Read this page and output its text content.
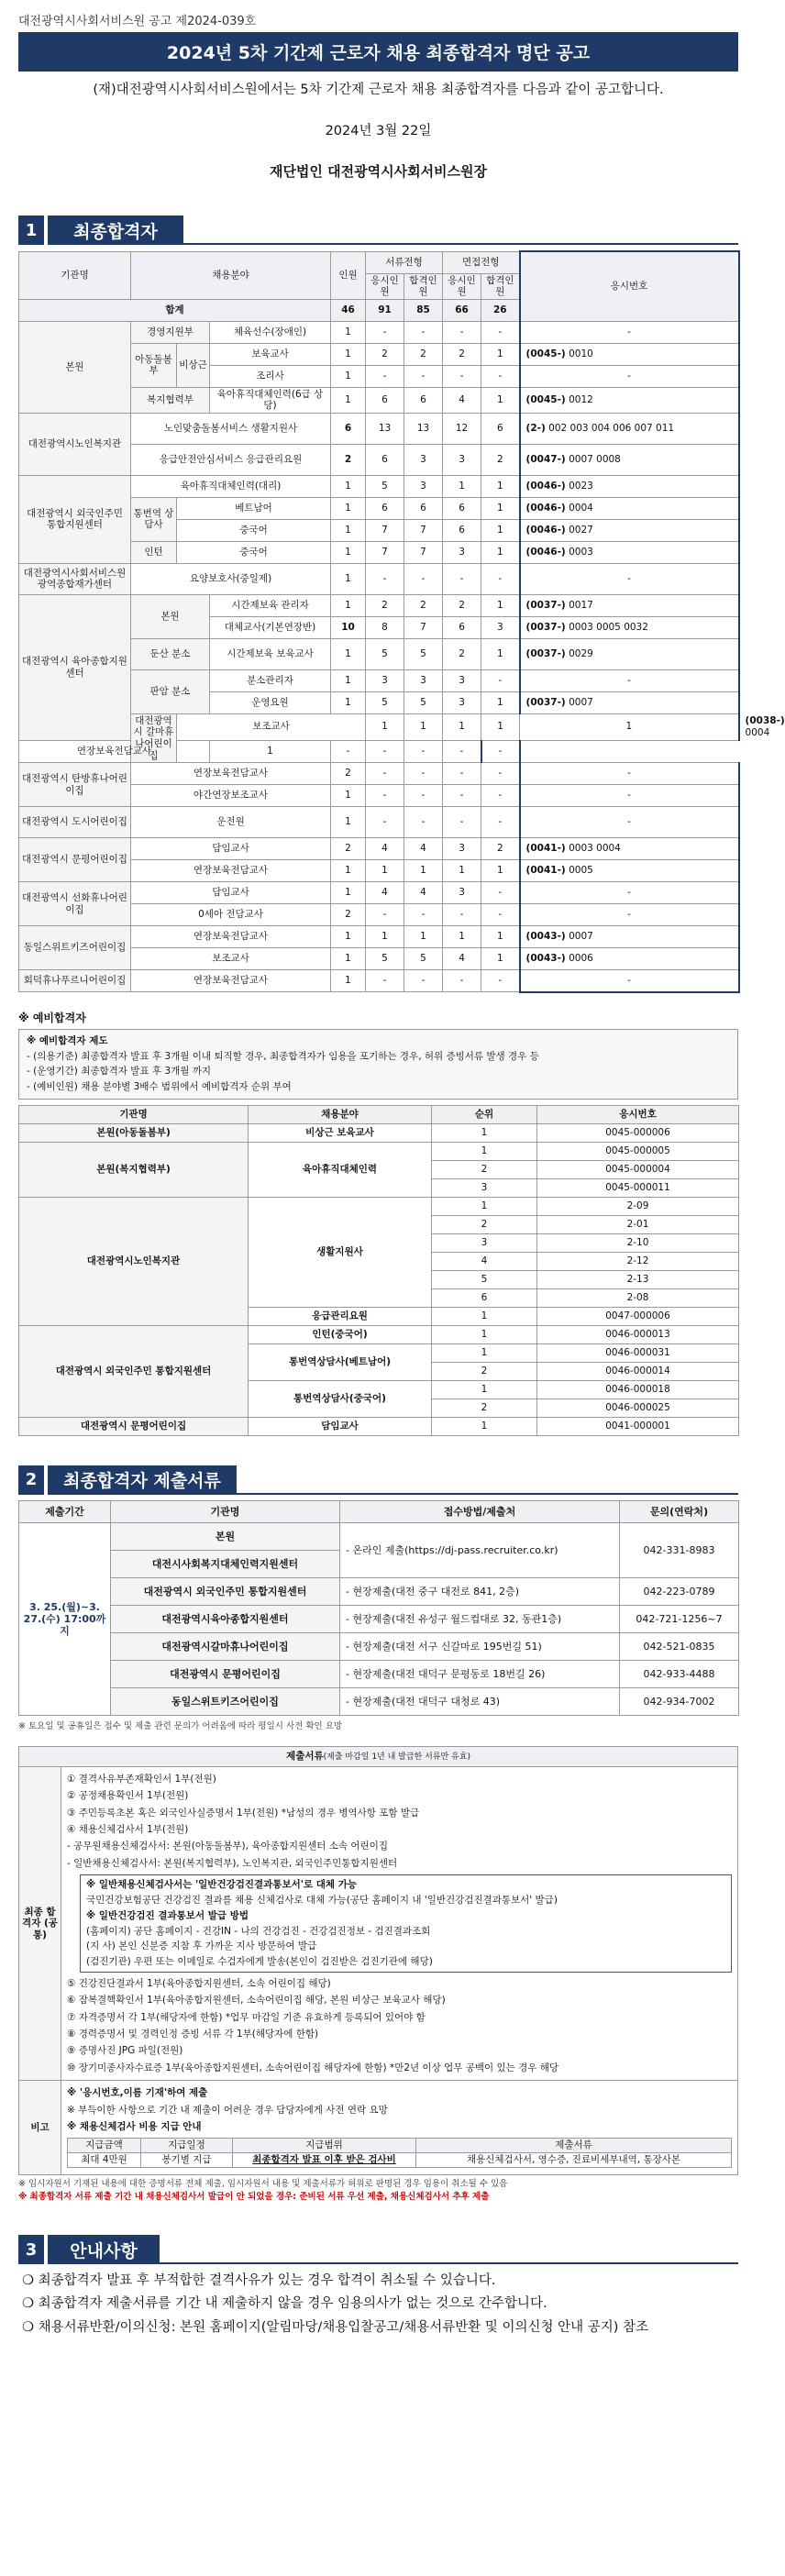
대전광역시사회서비스원 공고 제2024-039호
2024년 5차 기간제 근로자 채용 최종합격자 명단 공고
(재)대전광역시사회서비스원에서는 5차 기간제 근로자 채용 최종합격자를 다음과 같이 공고합니다.
2024년 3월 22일
재단법인 대전광역시사회서비스원장
1	최종합격자
기관명	채용분야	인원	서류전형	면접전형	응시번호
응시인원	합격인원	응시인원	합격인원
합계	46	91	85	66	26

본원
	경영지원부	체육선수(장애인)	1	-	-	-	-	-
아동돌봄부	비상근	보육교사	1	2	2	2	1	(0045-) 0010
조리사	1	-	-	-	-	-
복지협력부	육아휴직대체인력(6급 상당)	1	6	6	4	1	(0045-) 0012
대전광역시노인복지관	노인맞춤돌봄서비스 생활지원사	6	13	13	12	6	(2-) 002 003 004 006 007 011
응급안전안심서비스 응급관리요원	2	6	3	3	2	(0047-) 0007 0008
대전광역시 외국인주민 통합지원센터	육아휴직대체인력(대리)	1	5	3	1	1	(0046-) 0023
통번역 상담사	베트남어	1	6	6	6	1	(0046-) 0004
중국어	1	7	7	6	1	(0046-) 0027
인턴	중국어	1	7	7	3	1	(0046-) 0003
대전광역시사회서비스원 광역종합재가센터	요양보호사(중일제)	1	-	-	-	-	-
대전광역시 육아종합지원센터	본원	시간제보육 관리자	1	2	2	2	1	(0037-) 0017
대체교사(기본연장반)	10	8	7	6	3	(0037-) 0003 0005 0032
둔산 분소	시간제보육 보육교사	1	5	5	2	1	(0037-) 0029
판암 분소	분소관리자	1	3	3	3	-	-
운영요원	1	5	5	3	1	(0037-) 0007
대전광역시 갈마휴나어린이집	보조교사	1	1	1	1	1	(0038-) 0004
연장보육전담교사	1	-	-	-	-	-
대전광역시 탄방휴나어린이집	연장보육전담교사	2	-	-	-	-	-
야간연장보조교사	1	-	-	-	-	-
대전광역시 도시어린이집	운전원	1	-	-	-	-	-
대전광역시 문평어린이집	담임교사	2	4	4	3	2	(0041-) 0003 0004
연장보육전담교사	1	1	1	1	1	(0041-) 0005
대전광역시 선화휴나어린이집	담임교사	1	4	4	3	-	-
0세아 전담교사	2	-	-	-	-	-
동일스위트키즈어린이집	연장보육전담교사	1	1	1	1	1	(0043-) 0007
보조교사	1	5	5	4	1	(0043-) 0006
회덕휴나푸르니어린이집	연장보육전담교사	1	-	-	-	-	-
※ 예비합격자
※ 예비합격자 제도
- (의용기준) 최종합격자 발표 후 3개월 이내 퇴직할 경우, 최종합격자가 임용을 포기하는 경우, 허위 증빙서류 발생 경우 등
- (운영기간) 최종합격자 발표 후 3개월 까지
- (예비인원) 채용 분야별 3배수 범위에서 예비합격자 순위 부여
기관명	채용분야	순위	응시번호
본원(아동돌봄부)	비상근 보육교사	1	0045-000006
본원(복지협력부)	육아휴직대체인력	1	0045-000005
		2	0045-000004
		3	0045-000011
대전광역시노인복지관	생활지원사	1	2-09
		2	2-01
		3	2-10
		4	2-12
		5	2-13
		6	2-08
	응급관리요원	1	0047-000006
대전광역시 외국인주민 통합지원센터	인턴(중국어)	1	0046-000013
	통번역상담사(베트남어)	1	0046-000031
		2	0046-000014
	통번역상담사(중국어)	1	0046-000018
		2	0046-000025
대전광역시 문평어린이집	담임교사	1	0041-000001
2	최종합격자 제출서류
제출기간	기관명	접수방법/제출처	문의(연락처)
3. 25.(월)~3. 27.(수) 17:00까지	본원	- 온라인 제출(https://dj-pass.recruiter.co.kr)	042-331-8983
	대전시사회복지대체인력지원센터		
	대전광역시 외국인주민 통합지원센터	- 현장제출(대전 중구 대전로 841, 2층)	042-223-0789
	대전광역시육아종합지원센터	- 현장제출(대전 유성구 월드컵대로 32, 동관1층)	042-721-1256~7
	대전광역시갈마휴나어린이집	- 현장제출(대전 서구 신갈마로 195번길 51)	042-521-0835
	대전광역시 문평어린이집	- 현장제출(대전 대덕구 문평동로 18번길 26)	042-933-4488
	동일스위트키즈어린이집	- 현장제출(대전 대덕구 대청로 43)	042-934-7002
※ 토요일 및 공휴일은 접수 및 제출 관련 문의가 어려움에 따라 평일시 사전 확인 요망
제출서류(제출 마감일 1년 내 발급한 서류만 유효)
최종 합격자 (공통)	
① 결격사유부존재확인서 1부(전원)
② 공정채용확인서 1부(전원)
③ 주민등록초본 혹은 외국인사실증명서 1부(전원) *남성의 경우 병역사항 포함 발급
④ 채용신체검사서 1부(전원)
- 공무원채용신체검사서: 본원(아동돌봄부), 육아종합지원센터 소속 어린이집
- 일반채용신체검사서: 본원(복지협력부), 노인복지관, 외국인주민통합지원센터
※ 일반채용신체검사서는 '일반건강검진결과통보서'로 대체 가능
국민건강보험공단 건강검진 결과를 채용 신체검사로 대체 가능(공단 홈페이지 내 '일반건강검진결과통보서' 발급)
※ 일반건강검진 결과통보서 발급 방법
(홈페이지) 공단 홈페이지 - 건강IN - 나의 건강검진 - 건강검진정보 - 검진결과조회
(지 사) 본인 신분증 지참 후 가까운 지사 방문하여 발급
(검진기관) 우편 또는 이메일로 수검자에게 발송(본인이 검진받은 검진기관에 해당)
⑤ 건강진단결과서 1부(육아종합지원센터, 소속 어린이집 해당)
⑥ 잠복결핵확인서 1부(육아종합지원센터, 소속어린이집 해당, 본원 비상근 보육교사 해당)
⑦ 자격증명서 각 1부(해당자에 한함) *업무 마감일 기준 유효하게 등록되어 있어야 함
⑧ 경력증명서 및 경력인정 증빙 서류 각 1부(해당자에 한함)
⑨ 증명사진 JPG 파일(전원)
⑩ 장기미종사자수료증 1부(육아종합지원센터, 소속어린이집 해당자에 한함) *만2년 이상 업무 공백이 있는 경우 해당

비고	
※ '응시번호,이름 기재'하여 제출
※ 부득이한 사항으로 기간 내 제출이 어려운 경우 담당자에게 사전 연락 요망
※ 채용신체검사 비용 지급 안내
지급금액	지급일정	지급범위	제출서류
최대 4만원	봉기별 지급	최종합격자 발표 이후 받은 검사비	채용신체검사서, 영수증, 진료비세부내역, 통장사본
※ 임시자원서 기재된 내용에 대한 증명서류 전체 제출, 임시자원서 내용 및 제출서류가 허위로 판명된 경우 임용이 취소될 수 있음
※ 최종합격자 서류 제출 기간 내 채용신체검사서 발급이 안 되었을 경우: 준비된 서류 우선 제출, 채용신체검사서 추후 제출
3	안내사항
❍ 최종합격자 발표 후 부적합한 결격사유가 있는 경우 합격이 취소될 수 있습니다.
❍ 최종합격자 제출서류를 기간 내 제출하지 않을 경우 임용의사가 없는 것으로 간주합니다.
❍ 채용서류반환/이의신청: 본원 홈페이지(알림마당/채용입찰공고/채용서류반환 및 이의신청 안내 공지) 참조
